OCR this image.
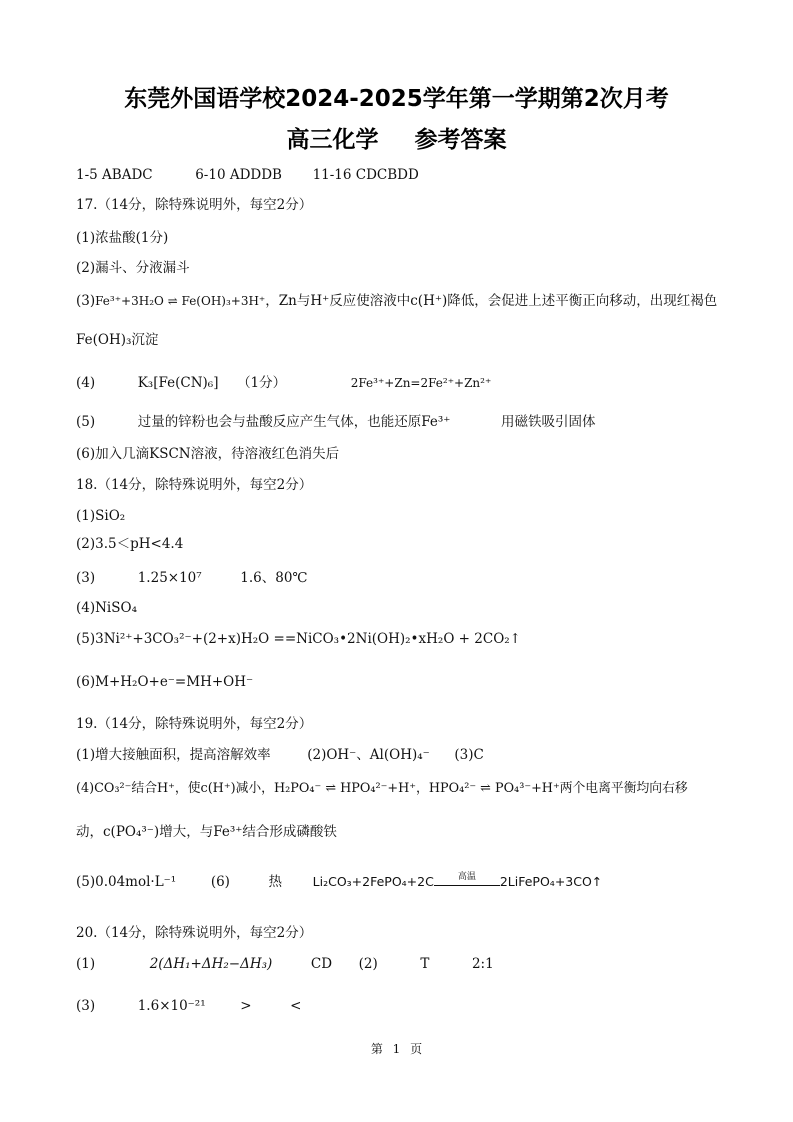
东莞外国语学校2024-2025学年第一学期第2次月考
高三化学 参考答案
1-5 ABADC	6-10 ADDDB 11-16 CDCBDD
17.（14分，除特殊说明外，每空2分）
(1)浓盐酸(1分)
(2)漏斗、分液漏斗
(3)Fe³⁺+3H₂O ⇌ Fe(OH)₃+3H⁺，Zn与H⁺反应使溶液中c(H⁺)降低，会促进上述平衡正向移动，出现红褐色
Fe(OH)₃沉淀
(4)	K₃[Fe(CN)₆] （1分）	2Fe³⁺+Zn=2Fe²⁺+Zn²⁺
(5)	过量的锌粉也会与盐酸反应产生气体，也能还原Fe³⁺	用磁铁吸引固体
(6)加入几滴KSCN溶液，待溶液红色消失后
18.（14分，除特殊说明外，每空2分）
(1)SiO₂
(2)3.5＜pH<4.4
(3)	1.25×10⁷	1.6、80℃
(4)NiSO₄
(5)3Ni²⁺+3CO₃²⁻+(2+x)H₂O ==NiCO₃•2Ni(OH)₂•xH₂O + 2CO₂↑
(6)M+H₂O+e⁻=MH+OH⁻
19.（14分，除特殊说明外，每空2分）
(1)增大接触面积，提高溶解效率	(2)OH⁻、Al(OH)₄⁻ (3)C
(4)CO₃²⁻结合H⁺，使c(H⁺)减小，H₂PO₄⁻ ⇌ HPO₄²⁻+H⁺，HPO₄²⁻ ⇌ PO₄³⁻+H⁺两个电离平衡均向右移
动，c(PO₄³⁻)增大，与Fe³⁺结合形成磷酸铁
(5)0.04mol·L⁻¹	(6)	热 Li₂CO₃+2FePO₄+2C	高温	2LiFePO₄+3CO↑
20.（14分，除特殊说明外，每空2分）
(1)	2(ΔH₁+ΔH₂−ΔH₃)	CD (2)	T	2:1
(3)	1.6×10⁻²¹	>	<
第 1 页
